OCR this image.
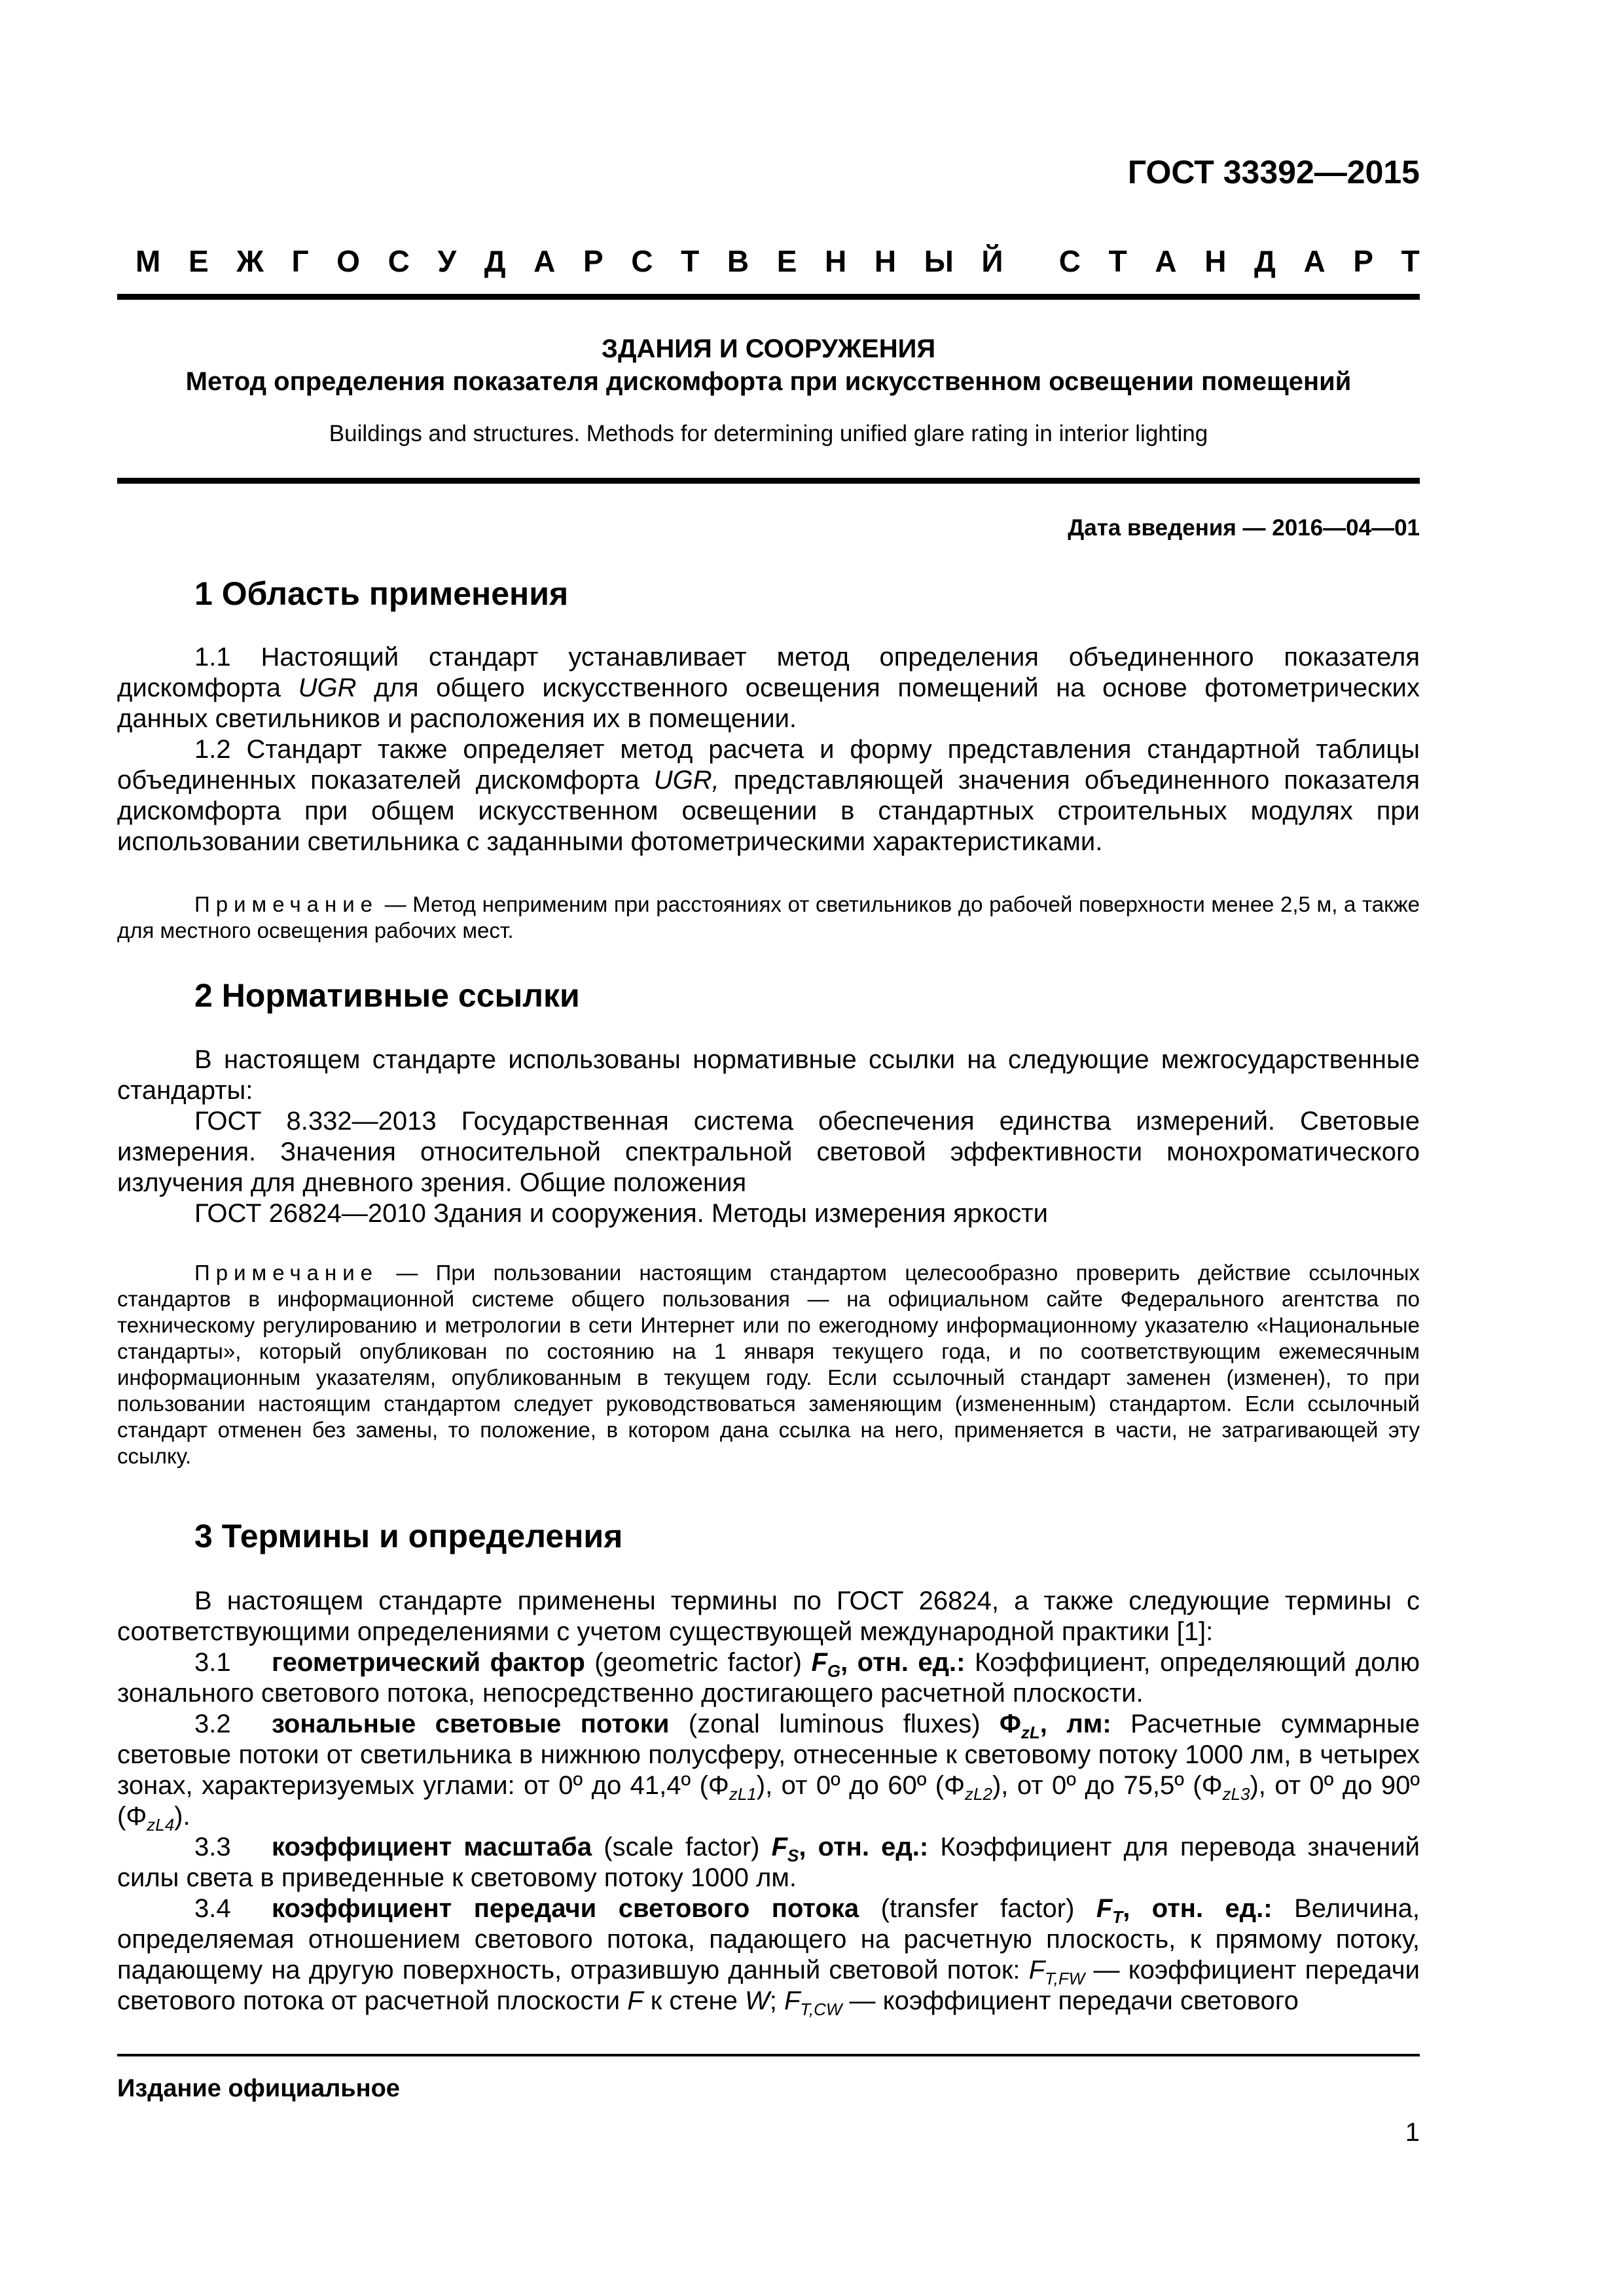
ГОСТ 33392—2015
М Е Ж Г О С У Д А Р С Т В Е Н Н Ы Й С Т А Н Д А Р Т
ЗДАНИЯ И СООРУЖЕНИЯ
Метод определения показателя дискомфорта при искусственном освещении помещений
Buildings and structures. Methods for determining unified glare rating in interior lighting
Дата введения — 2016—04—01
1 Область применения

1.1 Настоящий стандарт устанавливает метод определения объединенного показателя дискомфорта UGR для общего искусственного освещения помещений на основе фотометрических данных светильников и расположения их в помещении.

1.2 Стандарт также определяет метод расчета и форму представления стандартной таблицы объединенных показателей дискомфорта UGR, представляющей значения объединенного показателя дискомфорта при общем искусственном освещении в стандартных строительных модулях при использовании светильника с заданными фотометрическими характеристиками.

Примечание — Метод неприменим при расстояниях от светильников до рабочей поверхности менее 2,5 м, а также для местного освещения рабочих мест.

2 Нормативные ссылки

В настоящем стандарте использованы нормативные ссылки на следующие межгосударственные стандарты:

ГОСТ 8.332—2013 Государственная система обеспечения единства измерений. Световые измерения. Значения относительной спектральной световой эффективности монохроматического излучения для дневного зрения. Общие положения

ГОСТ 26824—2010 Здания и сооружения. Методы измерения яркости

Примечание — При пользовании настоящим стандартом целесообразно проверить действие ссылочных стандартов в информационной системе общего пользования — на официальном сайте Федерального агентства по техническому регулированию и метрологии в сети Интернет или по ежегодному информационному указателю «Национальные стандарты», который опубликован по состоянию на 1 января текущего года, и по соответствующим ежемесячным информационным указателям, опубликованным в текущем году. Если ссылочный стандарт заменен (изменен), то при пользовании настоящим стандартом следует руководствоваться заменяющим (измененным) стандартом. Если ссылочный стандарт отменен без замены, то положение, в котором дана ссылка на него, применяется в части, не затрагивающей эту ссылку.

3 Термины и определения

В настоящем стандарте применены термины по ГОСТ 26824, а также следующие термины с соответствующими определениями с учетом существующей международной практики [1]:

3.1 геометрический фактор (geometric factor) $F_G$, отн. ед.: Коэффициент, определяющий долю зонального светового потока, непосредственно достигающего расчетной плоскости.

3.2 зональные световые потоки (zonal luminous fluxes) $\Phi_{zL}$, лм: Расчетные суммарные световые потоки от светильника в нижнюю полусферу, отнесенные к световому потоку 1000 лм, в четырех зонах, характеризуемых углами: от 0º до 41,4º $(\Phi_{zL1})$, от 0º до 60º $(\Phi_{zL2})$, от 0º до 75,5º $(\Phi_{zL3})$, от 0º до 90º $(\Phi_{zL4})$.

3.3 коэффициент масштаба (scale factor) $F_S$, отн. ед.: Коэффициент для перевода значений силы света в приведенные к световому потоку 1000 лм.

3.4 коэффициент передачи светового потока (transfer factor) $F_T$, отн. ед.: Величина, определяемая отношением светового потока, падающего на расчетную плоскость, к прямому потоку, падающему на другую поверхность, отразившую данный световой поток: $F_{T,FW}$ — коэффициент передачи светового потока от расчетной плоскости F к стене W; $F_{T,CW}$ — коэффициент передачи светового

Издание официальное
1
